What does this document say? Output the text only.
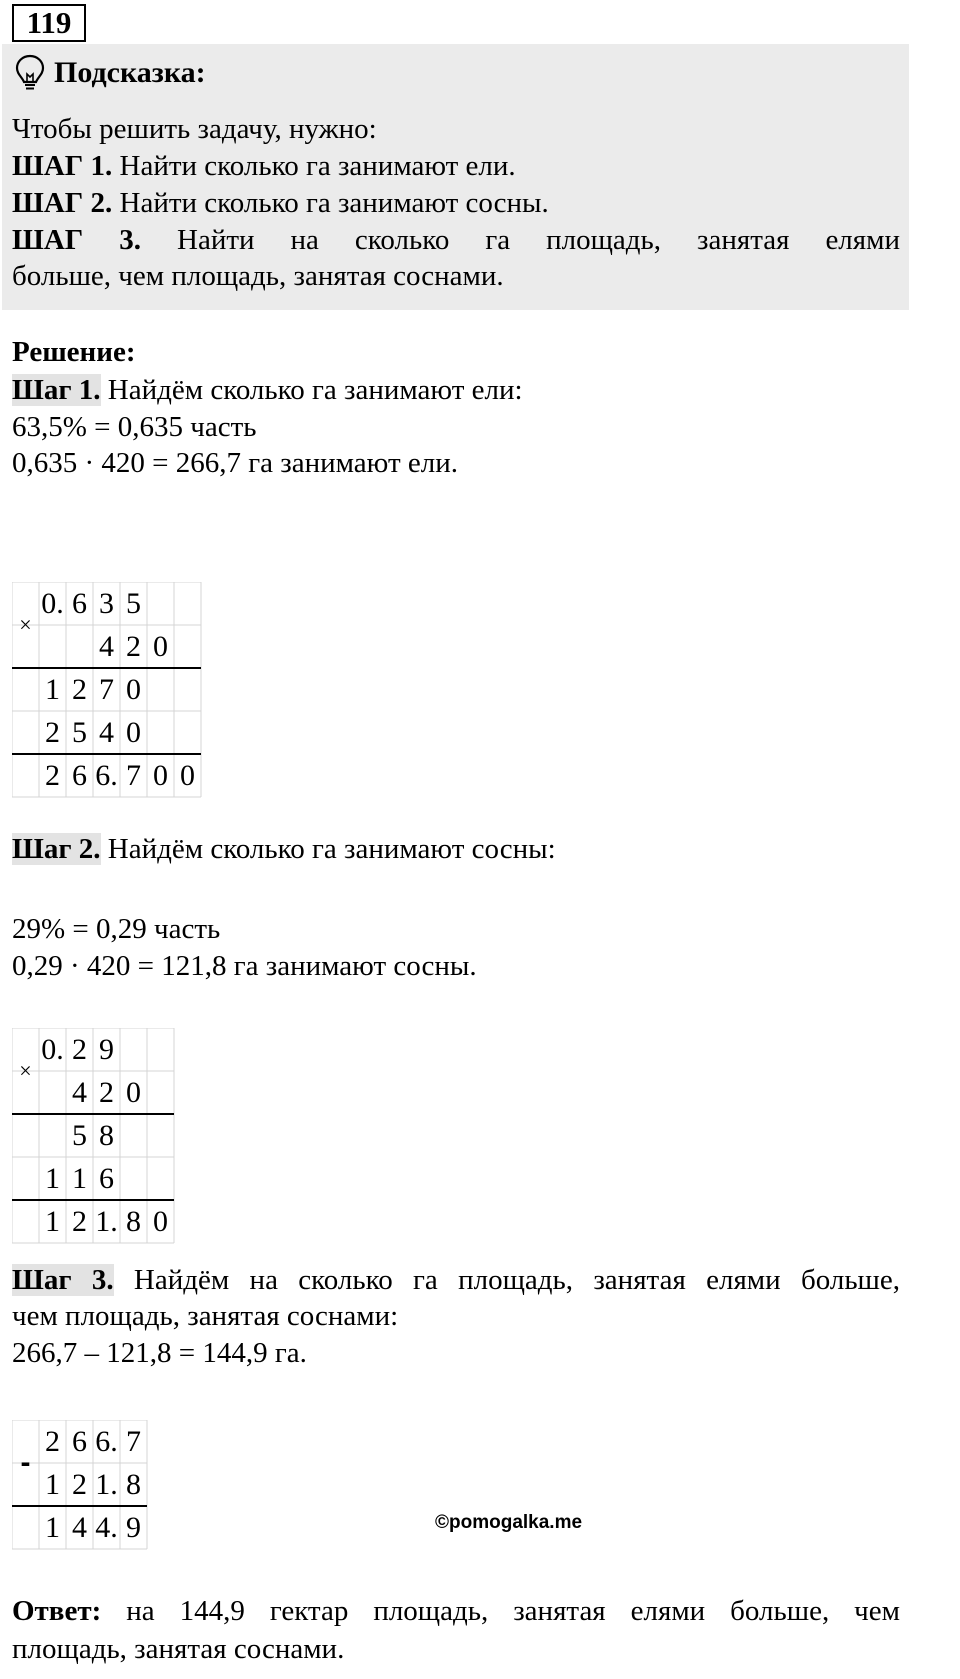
119
Подсказка:
Чтобы решить задачу, нужно:
ШАГ 1. Найти сколько га занимают ели.
ШАГ 2. Найти сколько га занимают сосны.
ШАГ 3. Найти на сколько га площадь, занятая елями
больше, чем площадь, занятая соснами.
Решение:
Шаг 1. Найдём сколько га занимают ели:
63,5% = 0,635 часть
0,635 · 420 = 266,7 га занимают ели.
×
0. 6 3 5
4 2 0
1 2 7 0
2 5 4 0
2 6 6. 7 0 0
Шаг 2. Найдём сколько га занимают сосны:
29% = 0,29 часть
0,29 · 420 = 121,8 га занимают сосны.
×
0. 2 9
4 2 0
5 8
1 1 6
1 2 1. 8 0
Шаг 3. Найдём на сколько га площадь, занятая елями больше,
чем площадь, занятая соснами:
266,7 – 121,8 = 144,9 га.
-
2 6 6. 7
1 2 1. 8
1 4 4. 9	©pomogalka.me
Ответ: на 144,9 гектар площадь, занятая елями больше, чем
площадь, занятая соснами.
